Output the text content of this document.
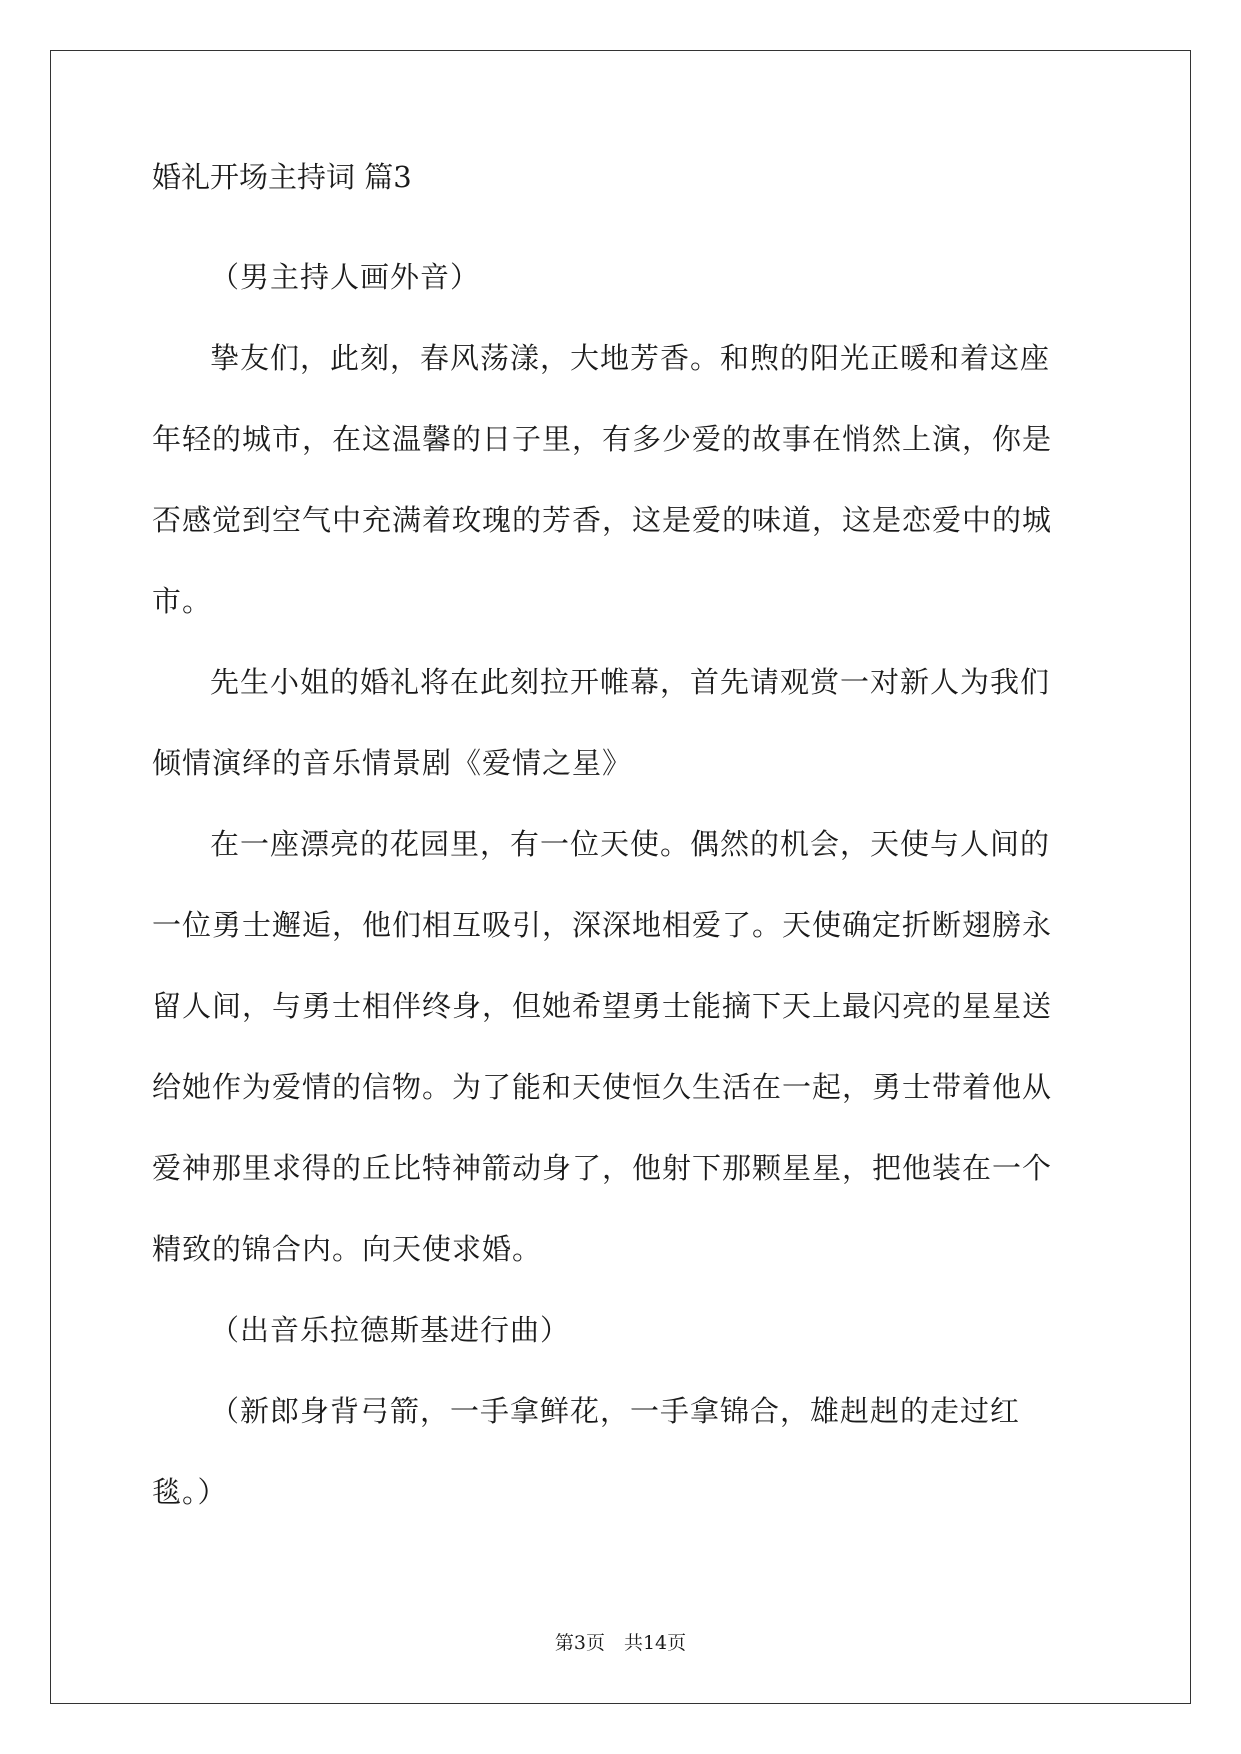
婚礼开场主持词 篇3

（男主持人画外音）

挚友们，此刻，春风荡漾，大地芳香。和煦的阳光正暖和着这座
年轻的城市，在这温馨的日子里，有多少爱的故事在悄然上演，你是
否感觉到空气中充满着玫瑰的芳香，这是爱的味道，这是恋爱中的城
市。

先生小姐的婚礼将在此刻拉开帷幕，首先请观赏一对新人为我们
倾情演绎的音乐情景剧《爱情之星》

在一座漂亮的花园里，有一位天使。偶然的机会，天使与人间的
一位勇士邂逅，他们相互吸引，深深地相爱了。天使确定折断翅膀永
留人间，与勇士相伴终身，但她希望勇士能摘下天上最闪亮的星星送
给她作为爱情的信物。为了能和天使恒久生活在一起，勇士带着他从
爱神那里求得的丘比特神箭动身了，他射下那颗星星，把他装在一个
精致的锦合内。向天使求婚。

（出音乐拉德斯基进行曲）

（新郎身背弓箭，一手拿鲜花，一手拿锦合，雄赳赳的走过红
毯。）

第3页　共14页
